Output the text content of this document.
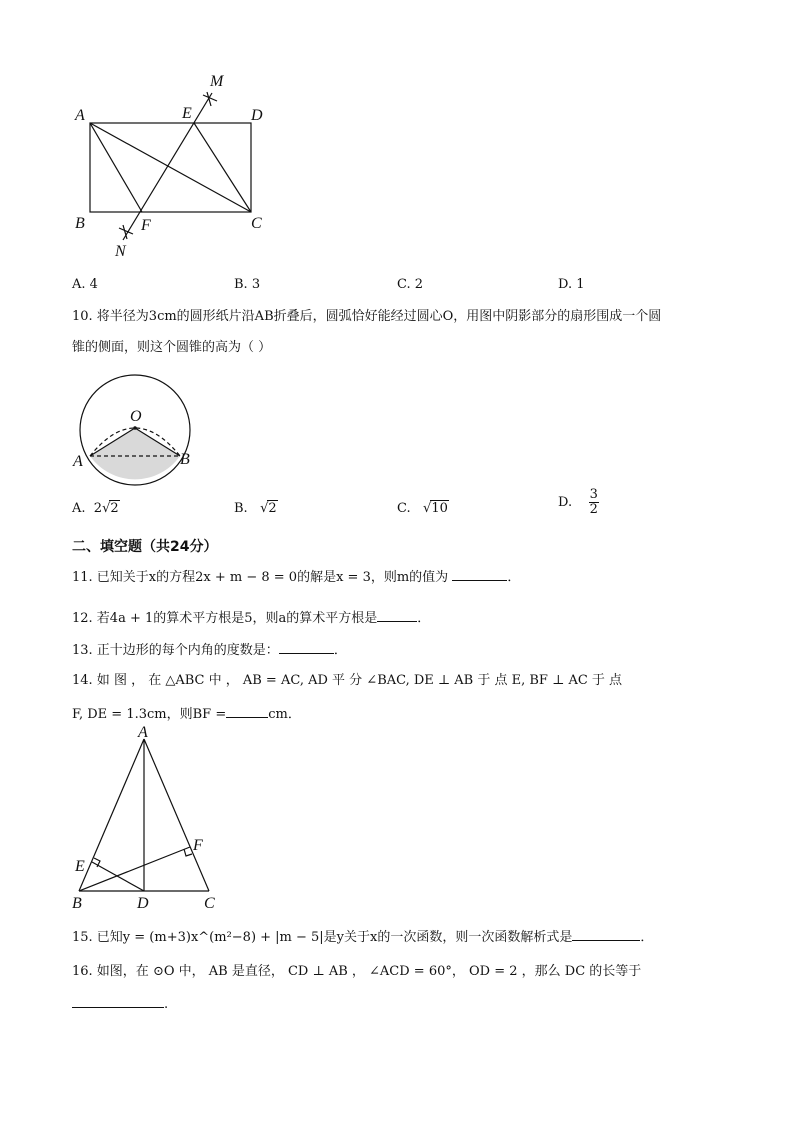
M
A	E	D
B	F	C
N
A. 4	B. 3	C. 2	D. 1
10. 将半径为3cm的圆形纸片沿AB折叠后，圆弧恰好能经过圆心O，用图中阴影部分的扇形围成一个圆
锥的侧面，则这个圆锥的高为（ ）
O
A	B
A. 2√2	B.   √2	C.   √10	D. $\frac{3}{2}$
二、填空题（共24分）
11. 已知关于x的方程2x + m − 8 = 0的解是x = 3，则m的值为	．
12. 若4a + 1的算术平方根是5，则a的算术平方根是	．
13. 正十边形的每个内角的度数是：	．
14. 如 图 ， 在 △ABC 中 ， AB = AC, AD 平 分 ∠BAC, DE ⊥ AB 于 点 E, BF ⊥ AC 于 点
F, DE = 1.3cm，则BF =	cm．
A
E
F
B	D	C
15. 已知y = (m+3)x^(m²−8) + |m − 5|是y关于x的一次函数，则一次函数解析式是	．
16. 如图，在 ⊙O 中， AB 是直径， CD ⊥ AB ， ∠ACD = 60°， OD = 2 ，那么 DC 的长等于
.
